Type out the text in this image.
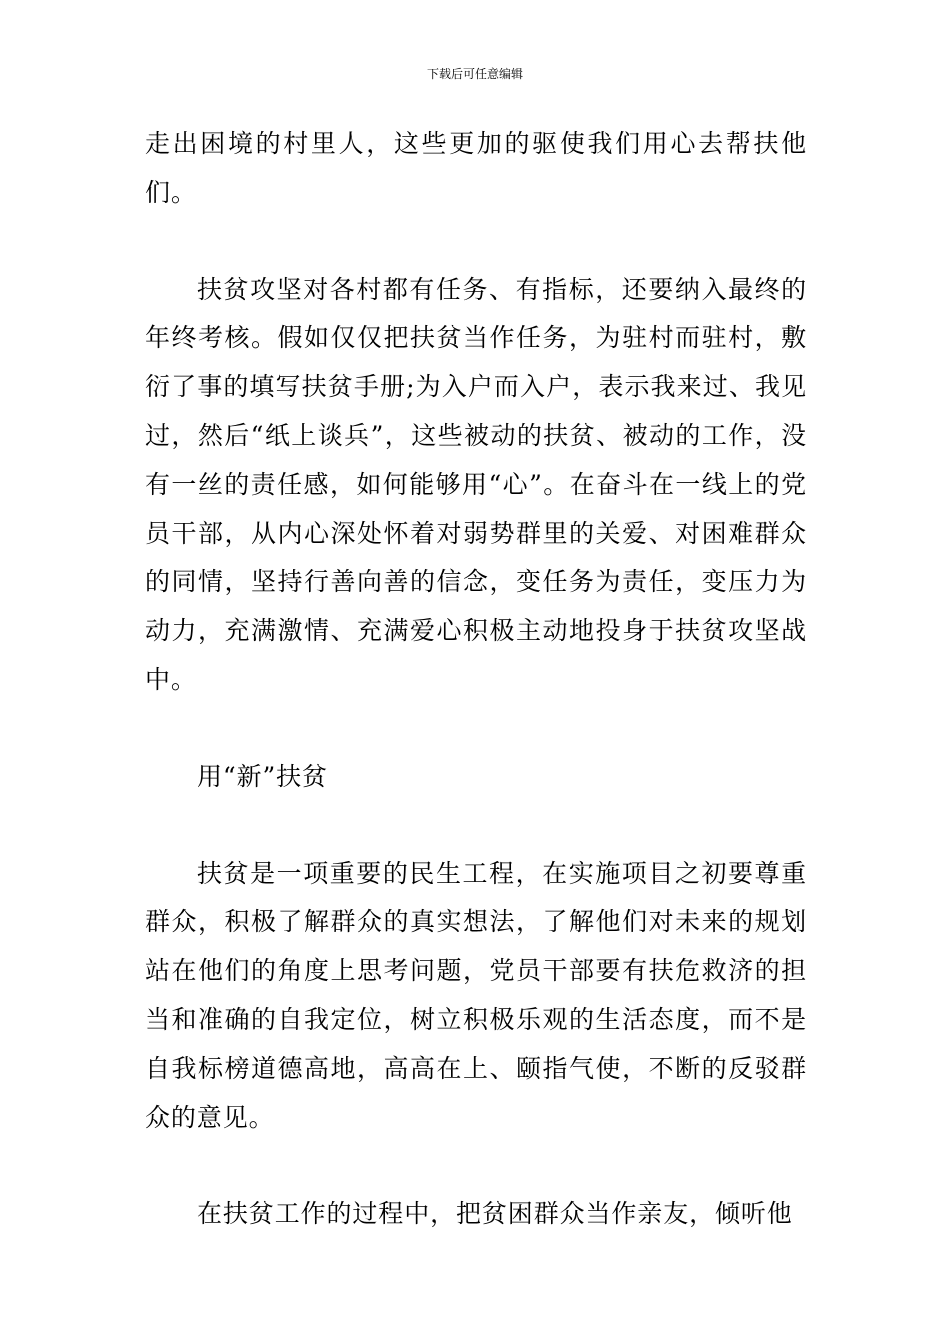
下载后可任意编辑

走出困境的村里人，这些更加的驱使我们用心去帮扶他们。

扶贫攻坚对各村都有任务、有指标，还要纳入最终的年终考核。假如仅仅把扶贫当作任务，为驻村而驻村，敷衍了事的填写扶贫手册;为入户而入户，表示我来过、我见过，然后“纸上谈兵”，这些被动的扶贫、被动的工作，没有一丝的责任感，如何能够用“心”。在奋斗在一线上的党员干部，从内心深处怀着对弱势群里的关爱、对困难群众的同情，坚持行善向善的信念，变任务为责任，变压力为动力，充满激情、充满爱心积极主动地投身于扶贫攻坚战中。

用“新”扶贫

扶贫是一项重要的民生工程，在实施项目之初要尊重群众，积极了解群众的真实想法，了解他们对未来的规划站在他们的角度上思考问题，党员干部要有扶危救济的担当和准确的自我定位，树立积极乐观的生活态度，而不是自我标榜道德高地，高高在上、颐指气使，不断的反驳群众的意见。

在扶贫工作的过程中，把贫困群众当作亲友，倾听他
